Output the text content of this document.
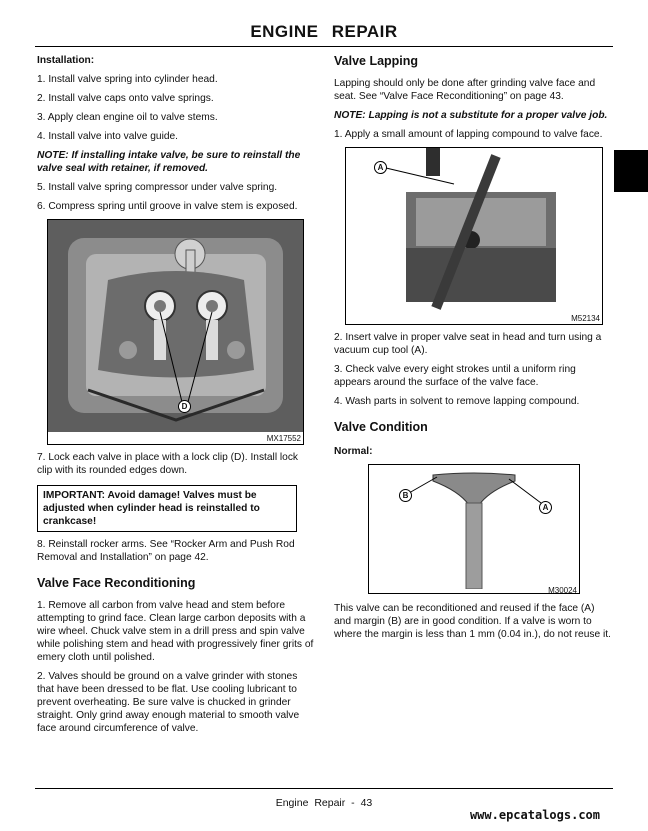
ENGINE REPAIR
Installation:
1. Install valve spring into cylinder head.
2. Install valve caps onto valve springs.
3. Apply clean engine oil to valve stems.
4. Install valve into valve guide.
NOTE: If installing intake valve, be sure to reinstall the valve seal with retainer, if removed.
5. Install valve spring compressor under valve spring.
6. Compress spring until groove in valve stem is exposed.
D
MX17552

7. Lock each valve in place with a lock clip (D). Install lock clip with its rounded edges down.

IMPORTANT: Avoid damage! Valves must be adjusted when cylinder head is reinstalled to crankcase!

8. Reinstall rocker arms. See “Rocker Arm and Push Rod Removal and Installation” on page 42.

Valve Face Reconditioning

1. Remove all carbon from valve head and stem before attempting to grind face. Clean large carbon deposits with a wire wheel. Chuck valve stem in a drill press and spin valve while polishing stem and head with progressively finer grits of emery cloth until polished.

2. Valves should be ground on a valve grinder with stones that have been dressed to be flat. Use cooling lubricant to prevent overheating. Be sure valve is chucked in grinder straight. Only grind away enough material to smooth valve face around circumference of valve.

Valve Lapping

Lapping should only be done after grinding valve face and seat. See “Valve Face Reconditioning” on page 43.

NOTE: Lapping is not a substitute for a proper valve job.

1. Apply a small amount of lapping compound to valve face.

A
M52134
2. Insert valve in proper valve seat in head and turn using a vacuum cup tool (A).
3. Check valve every eight strokes until a uniform ring appears around the surface of the valve face.
4. Wash parts in solvent to remove lapping compound.
Valve Condition
Normal:
B
A
M30024

This valve can be reconditioned and reused if the face (A) and margin (B) are in good condition. If a valve is worn to where the margin is less than 1 mm (0.04 in.), do not reuse it.

Engine Repair - 43
www.epcatalogs.com
